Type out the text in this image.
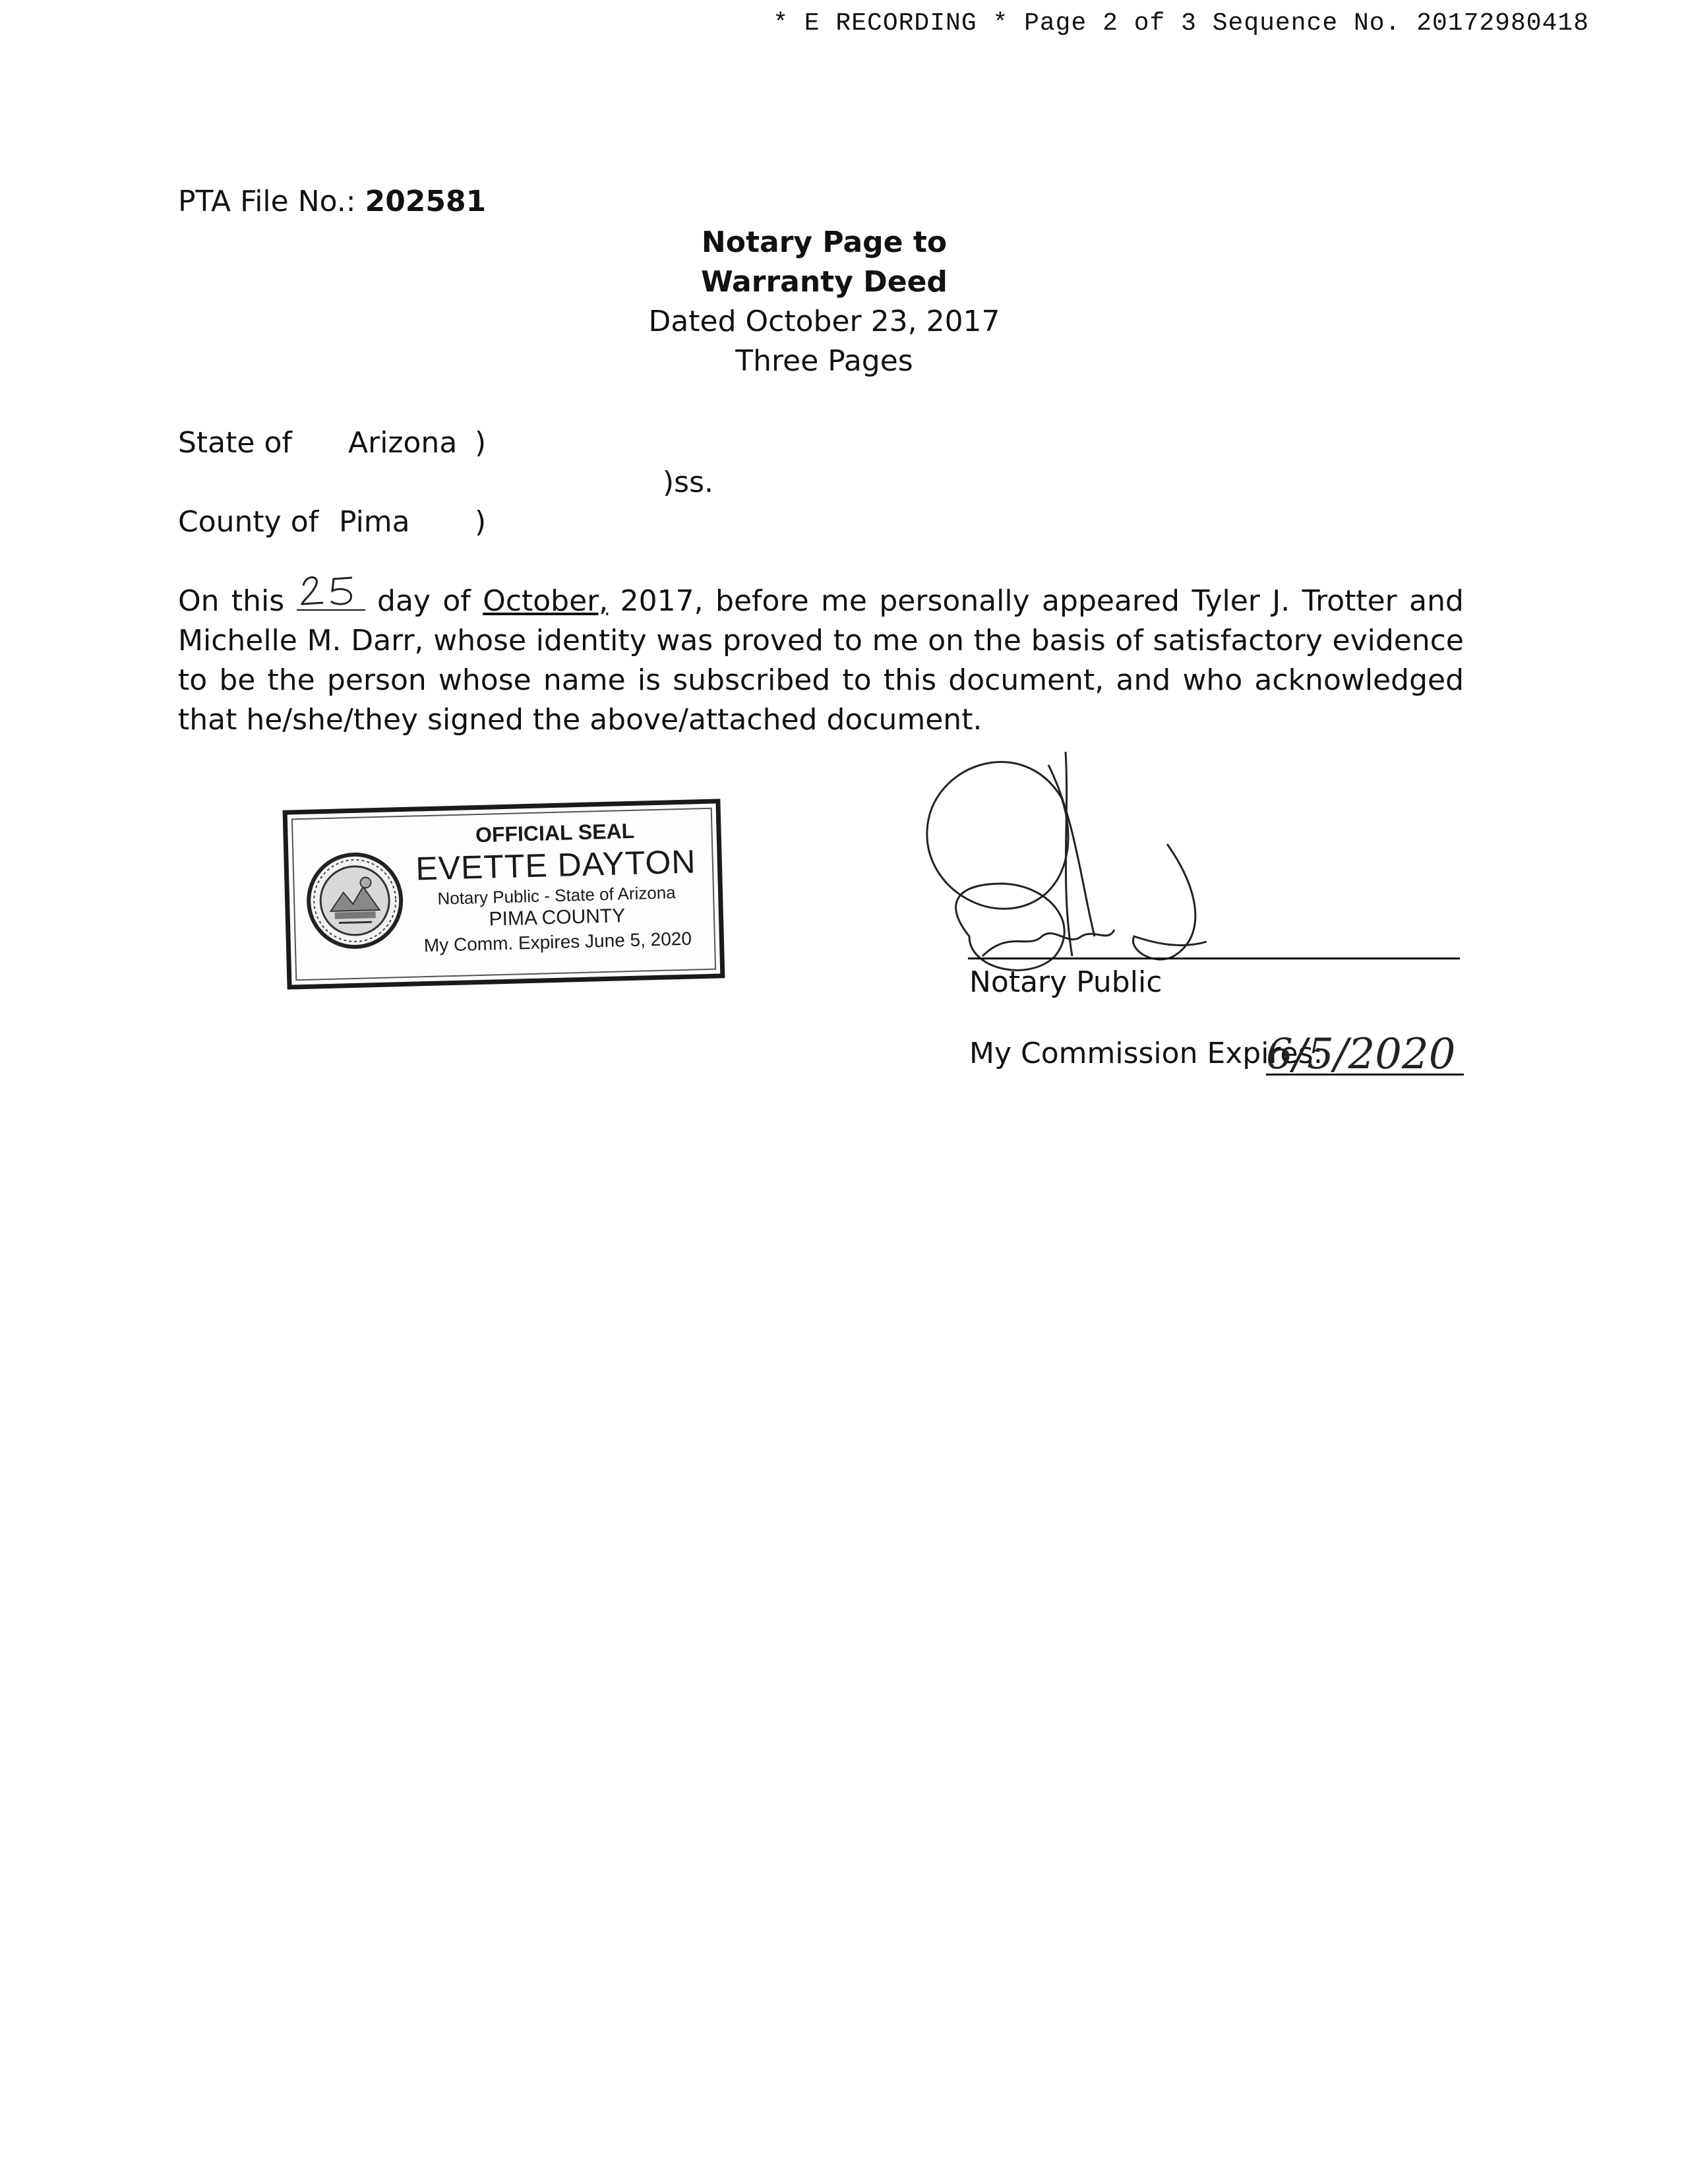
* E RECORDING * Page 2 of 3 Sequence No. 20172980418
PTA File No.: 202581
Notary Page to
Warranty Deed
Dated October 23, 2017
Three Pages
State of Arizona )
)ss.
County of Pima )
On this	day of October, 2017, before me personally appeared Tyler J. Trotter and Michelle M. Darr, whose identity was proved to me on the basis of satisfactory evidence to be the person whose name is subscribed to this document, and who acknowledged that he/she/they signed the above/attached document.
OFFICIAL SEAL
EVETTE DAYTON
Notary Public - State of Arizona
PIMA COUNTY
My Comm. Expires June 5, 2020
Notary Public
My Commission Expires:
6/5/2020
